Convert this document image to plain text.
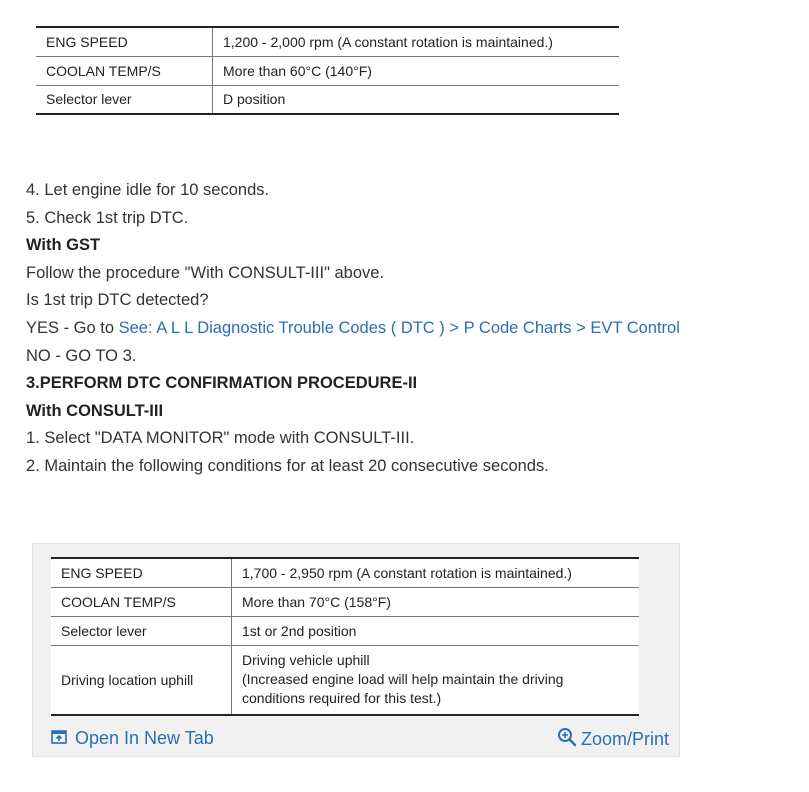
ENG SPEED	1,200 - 2,000 rpm (A constant rotation is maintained.)
COOLAN TEMP/S	More than 60°C (140°F)
Selector lever	D position
4. Let engine idle for 10 seconds.
5. Check 1st trip DTC.
With GST
Follow the procedure "With CONSULT-III" above.
Is 1st trip DTC detected?
YES - Go to See: A L L Diagnostic Trouble Codes ( DTC ) > P Code Charts > EVT Control
NO - GO TO 3.
3.PERFORM DTC CONFIRMATION PROCEDURE-II
With CONSULT-III
1. Select "DATA MONITOR" mode with CONSULT-III.
2. Maintain the following conditions for at least 20 consecutive seconds.
ENG SPEED	1,700 - 2,950 rpm (A constant rotation is maintained.)
COOLAN TEMP/S	More than 70°C (158°F)
Selector lever	1st or 2nd position
Driving location uphill	Driving vehicle uphill
(Increased engine load will help maintain the driving
conditions required for this test.)
Open In New Tab	Zoom/Print
